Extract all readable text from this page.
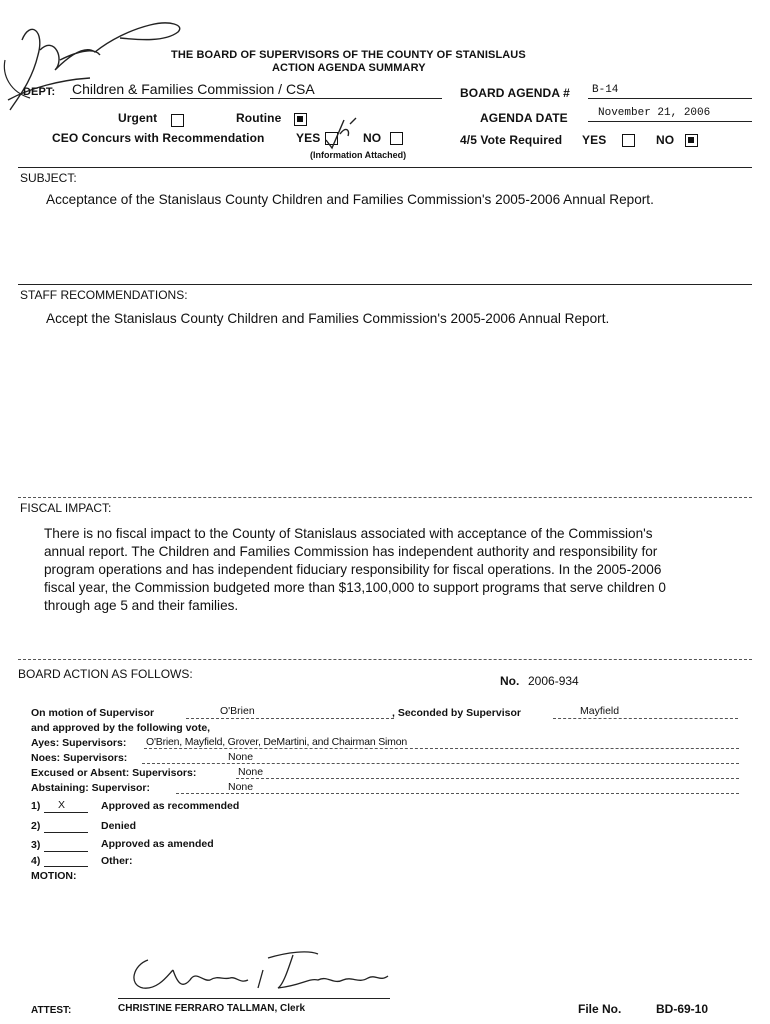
THE BOARD OF SUPERVISORS OF THE COUNTY OF STANISLAUS
ACTION AGENDA SUMMARY
DEPT: Children & Families Commission / CSA	BOARD AGENDA # B-14
Urgent	Routine	AGENDA DATE	November 21, 2006
CEO Concurs with Recommendation	YES	NO
(Information Attached)
4/5 Vote Required YES	NO
SUBJECT:
Acceptance of the Stanislaus County Children and Families Commission's 2005-2006 Annual Report.
STAFF RECOMMENDATIONS:
Accept the Stanislaus County Children and Families Commission's 2005-2006 Annual Report.
FISCAL IMPACT:
There is no fiscal impact to the County of Stanislaus associated with acceptance of the Commission's
annual report. The Children and Families Commission has independent authority and responsibility for
program operations and has independent fiduciary responsibility for fiscal operations. In the 2005-2006
fiscal year, the Commission budgeted more than $13,100,000 to support programs that serve children 0
through age 5 and their families.
BOARD ACTION AS FOLLOWS:	No. 2006-934
On motion of Supervisor	O'Brien	, Seconded by Supervisor	Mayfield
and approved by the following vote,
Ayes: Supervisors: O'Brien, Mayfield, Grover, DeMartini, and Chairman Simon
Noes: Supervisors:	None
Excused or Absent: Supervisors:	None
Abstaining: Supervisor:	None
1) X	Approved as recommended
2)	Denied
3)	Approved as amended
4)	Other:
MOTION:
ATTEST:	CHRISTINE FERRARO TALLMAN, Clerk	File No.	BD-69-10
